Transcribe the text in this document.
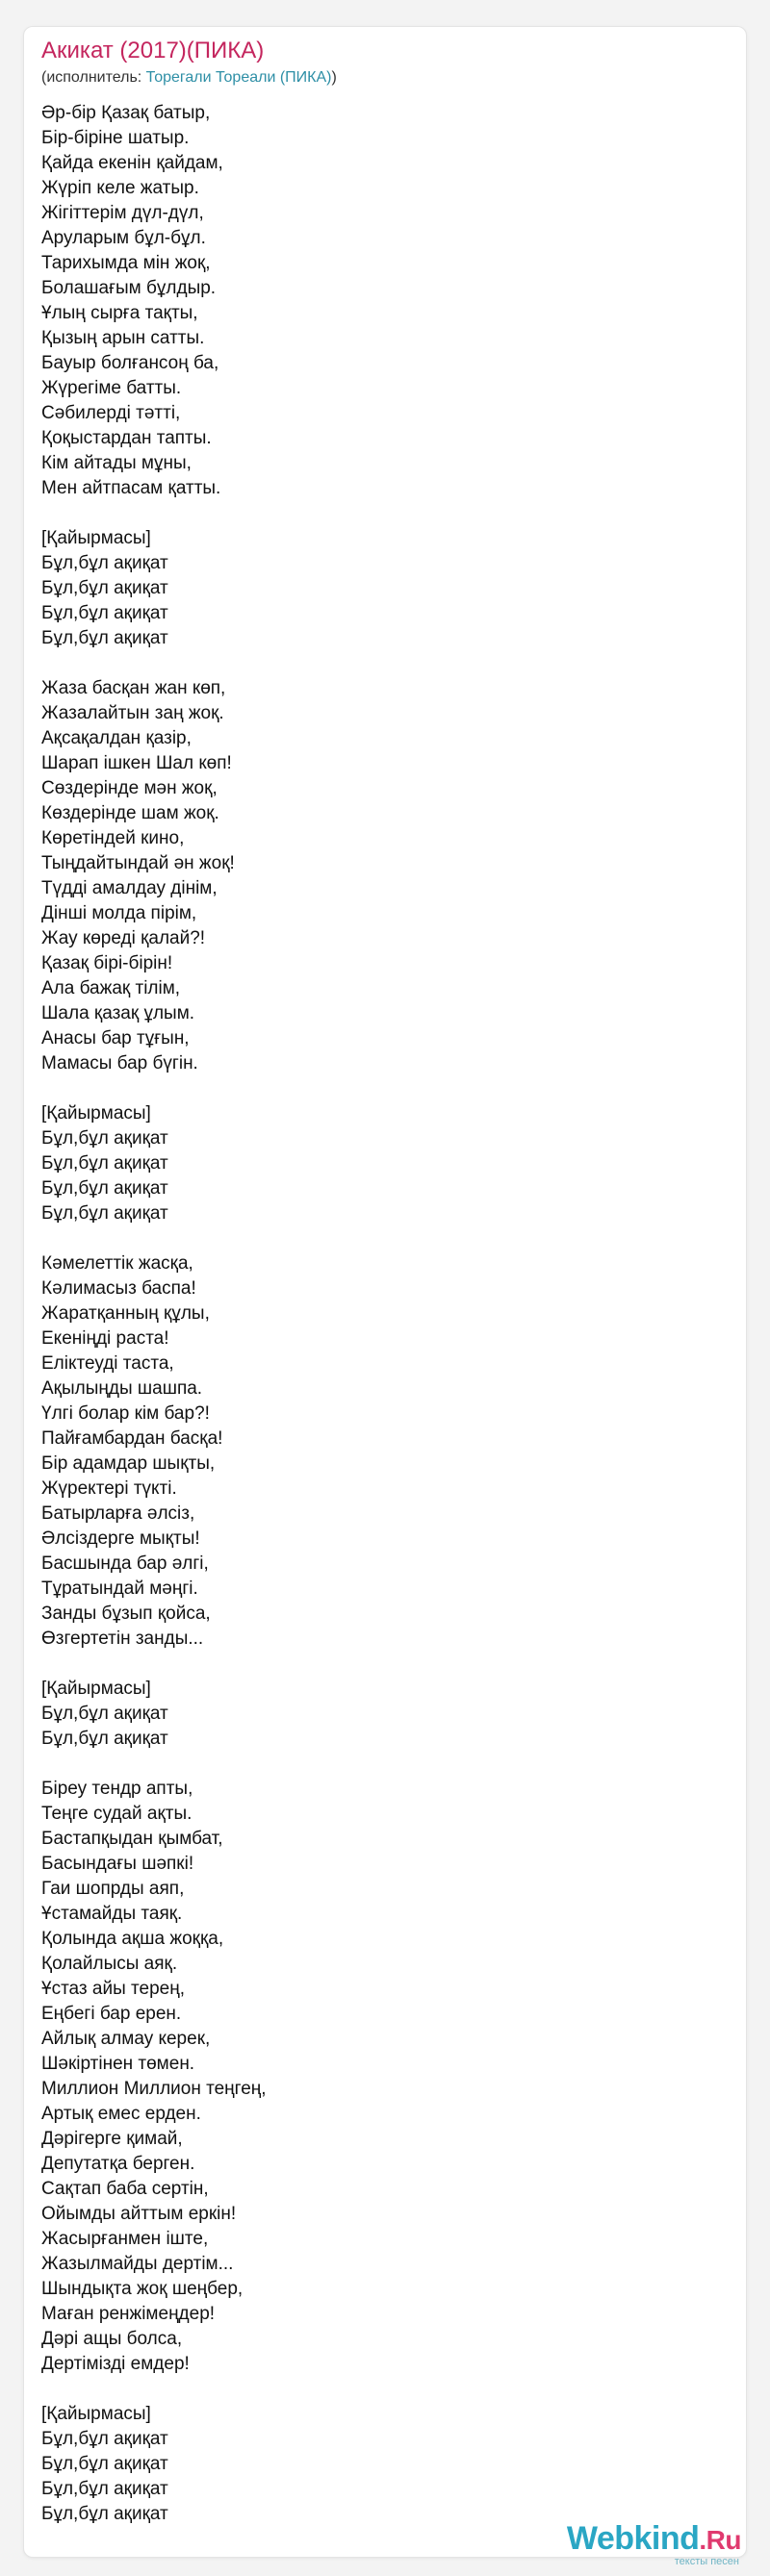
Акикат (2017)(ПИКА)
(исполнитель: Торегали Тореали (ПИКА))
Әр-бір Қазақ батыр,
Бір-біріне шатыр.
Қайда екенін қайдам,
Жүріп келе жатыр.
Жігіттерім дүл-дүл,
Аруларым бұл-бұл.
Тарихымда мін жоқ,
Болашағым бұлдыр.
Ұлың сырға тақты,
Қызың арын сатты.
Бауыр болғансоң ба,
Жүрегіме батты.
Сәбилерді тәтті,
Қоқыстардан тапты.
Кім айтады мұны,
Мен айтпасам қатты.
[Қайырмасы]
Бұл,бұл ақиқат
Бұл,бұл ақиқат
Бұл,бұл ақиқат
Бұл,бұл ақиқат
Жаза басқан жан көп,
Жазалайтын заң жоқ.
Ақсақалдан қазір,
Шарап ішкен Шал көп!
Сөздерінде мән жоқ,
Көздерінде шам жоқ.
Көретіндей кино,
Тыңдайтындай ән жоқ!
Түдді амалдау дінім,
Дінші молда пірім,
Жау көреді қалай?!
Қазақ бірі-бірін!
Ала бажақ тілім,
Шала қазақ ұлым.
Анасы бар тұғын,
Мамасы бар бүгін.
[Қайырмасы]
Бұл,бұл ақиқат
Бұл,бұл ақиқат
Бұл,бұл ақиқат
Бұл,бұл ақиқат
Кәмелеттік жасқа,
Кәлимасыз баспа!
Жаратқанның құлы,
Екеніңді раста!
Еліктеуді таста,
Ақылыңды шашпа.
Үлгі болар кім бар?!
Пайғамбардан басқа!
Бір адамдар шықты,
Жүректері түкті.
Батырларға әлсіз,
Әлсіздерге мықты!
Басшында бар әлгі,
Тұратындай мәңгі.
Занды бұзып қойса,
Өзгертетін занды...
[Қайырмасы]
Бұл,бұл ақиқат
Бұл,бұл ақиқат
Біреу тендр апты,
Теңге судай ақты.
Бастапқыдан қымбат,
Басындағы шәпкі!
Гаи шопрды аяп,
Ұстамайды таяқ.
Қолында ақша жоққа,
Қолайлысы аяқ.
Ұстаз айы терең,
Еңбегі бар ерен.
Айлық алмау керек,
Шәкіртінен төмен.
Миллион Миллион теңгең,
Артық емес ерден.
Дәрігерге қимай,
Депутатқа берген.
Сақтап баба сертін,
Ойымды айттым еркін!
Жасырғанмен іште,
Жазылмайды дертім...
Шындықта жоқ шеңбер,
Маған ренжімеңдер!
Дәрі ащы болса,
Дертімізді емдер!
[Қайырмасы]
Бұл,бұл ақиқат
Бұл,бұл ақиқат
Бұл,бұл ақиқат
Бұл,бұл ақиқат
Webkind.Ru
тексты песен
